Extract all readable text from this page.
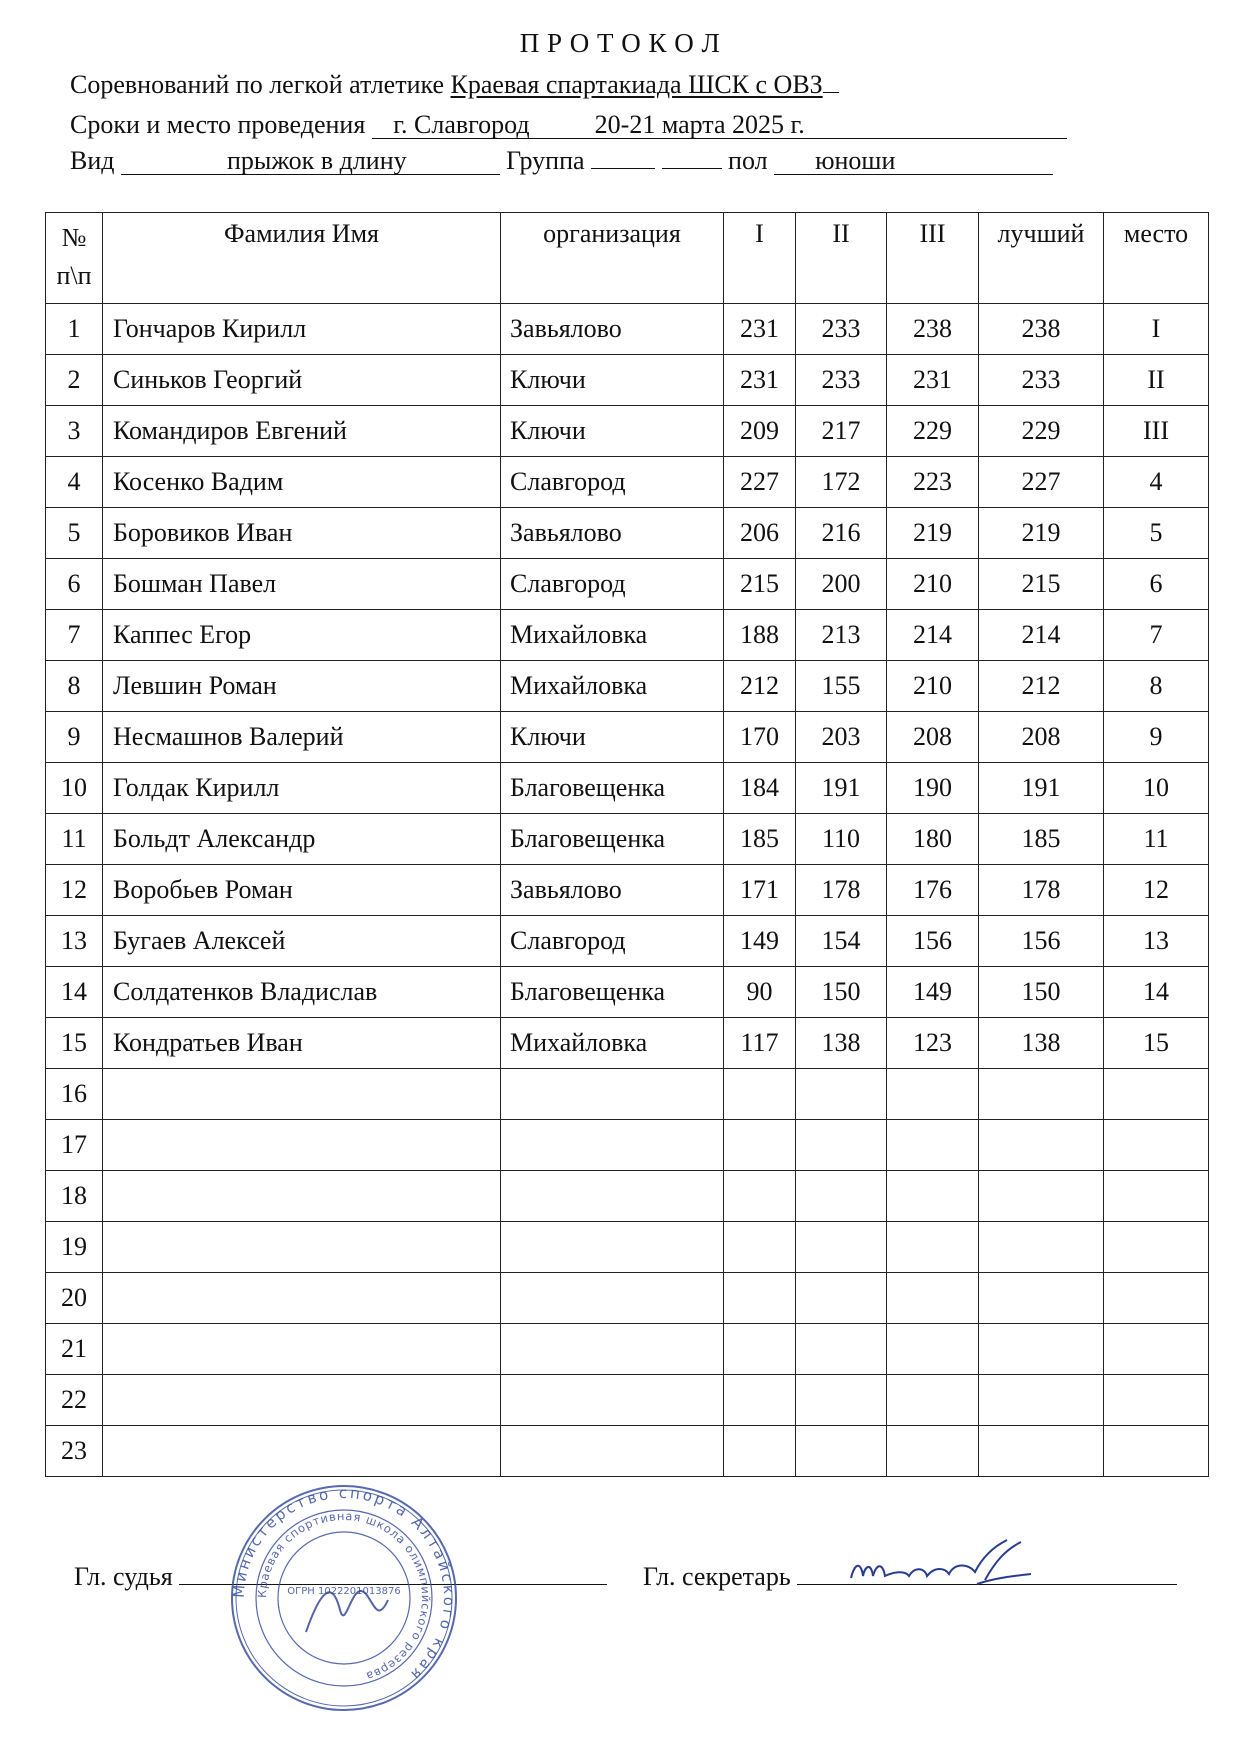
П Р О Т О К О Л
Соревнований по легкой атлетике Краевая спартакиада ШСК с ОВЗ
Сроки и место проведения г. Славгород	20-21 марта 2025 г.
Вид	прыжок в длину	Группа	пол юноши
№ п\п	Фамилия Имя	организация	I	II	III	лучший	место
1	Гончаров Кирилл	Завьялово	231	233	238	238	I
2	Синьков Георгий	Ключи	231	233	231	233	II
3	Командиров Евгений	Ключи	209	217	229	229	III
4	Косенко Вадим	Славгород	227	172	223	227	4
5	Боровиков Иван	Завьялово	206	216	219	219	5
6	Бошман Павел	Славгород	215	200	210	215	6
7	Каппес Егор	Михайловка	188	213	214	214	7
8	Левшин Роман	Михайловка	212	155	210	212	8
9	Несмашнов Валерий	Ключи	170	203	208	208	9
10	Голдак Кирилл	Благовещенка	184	191	190	191	10
11	Больдт Александр	Благовещенка	185	110	180	185	11
12	Воробьев Роман	Завьялово	171	178	176	178	12
13	Бугаев Алексей	Славгород	149	154	156	156	13
14	Солдатенков Владислав	Благовещенка	90	150	149	150	14
15	Кондратьев Иван	Михайловка	117	138	123	138	15
16							
17							
18							
19							
20							
21							
22							
23							
Гл. судья	Гл. секретарь
Министерство спорта Алтайского края
Краевая спортивная школа олимпийского резерва
ОГРН 1022201013876
